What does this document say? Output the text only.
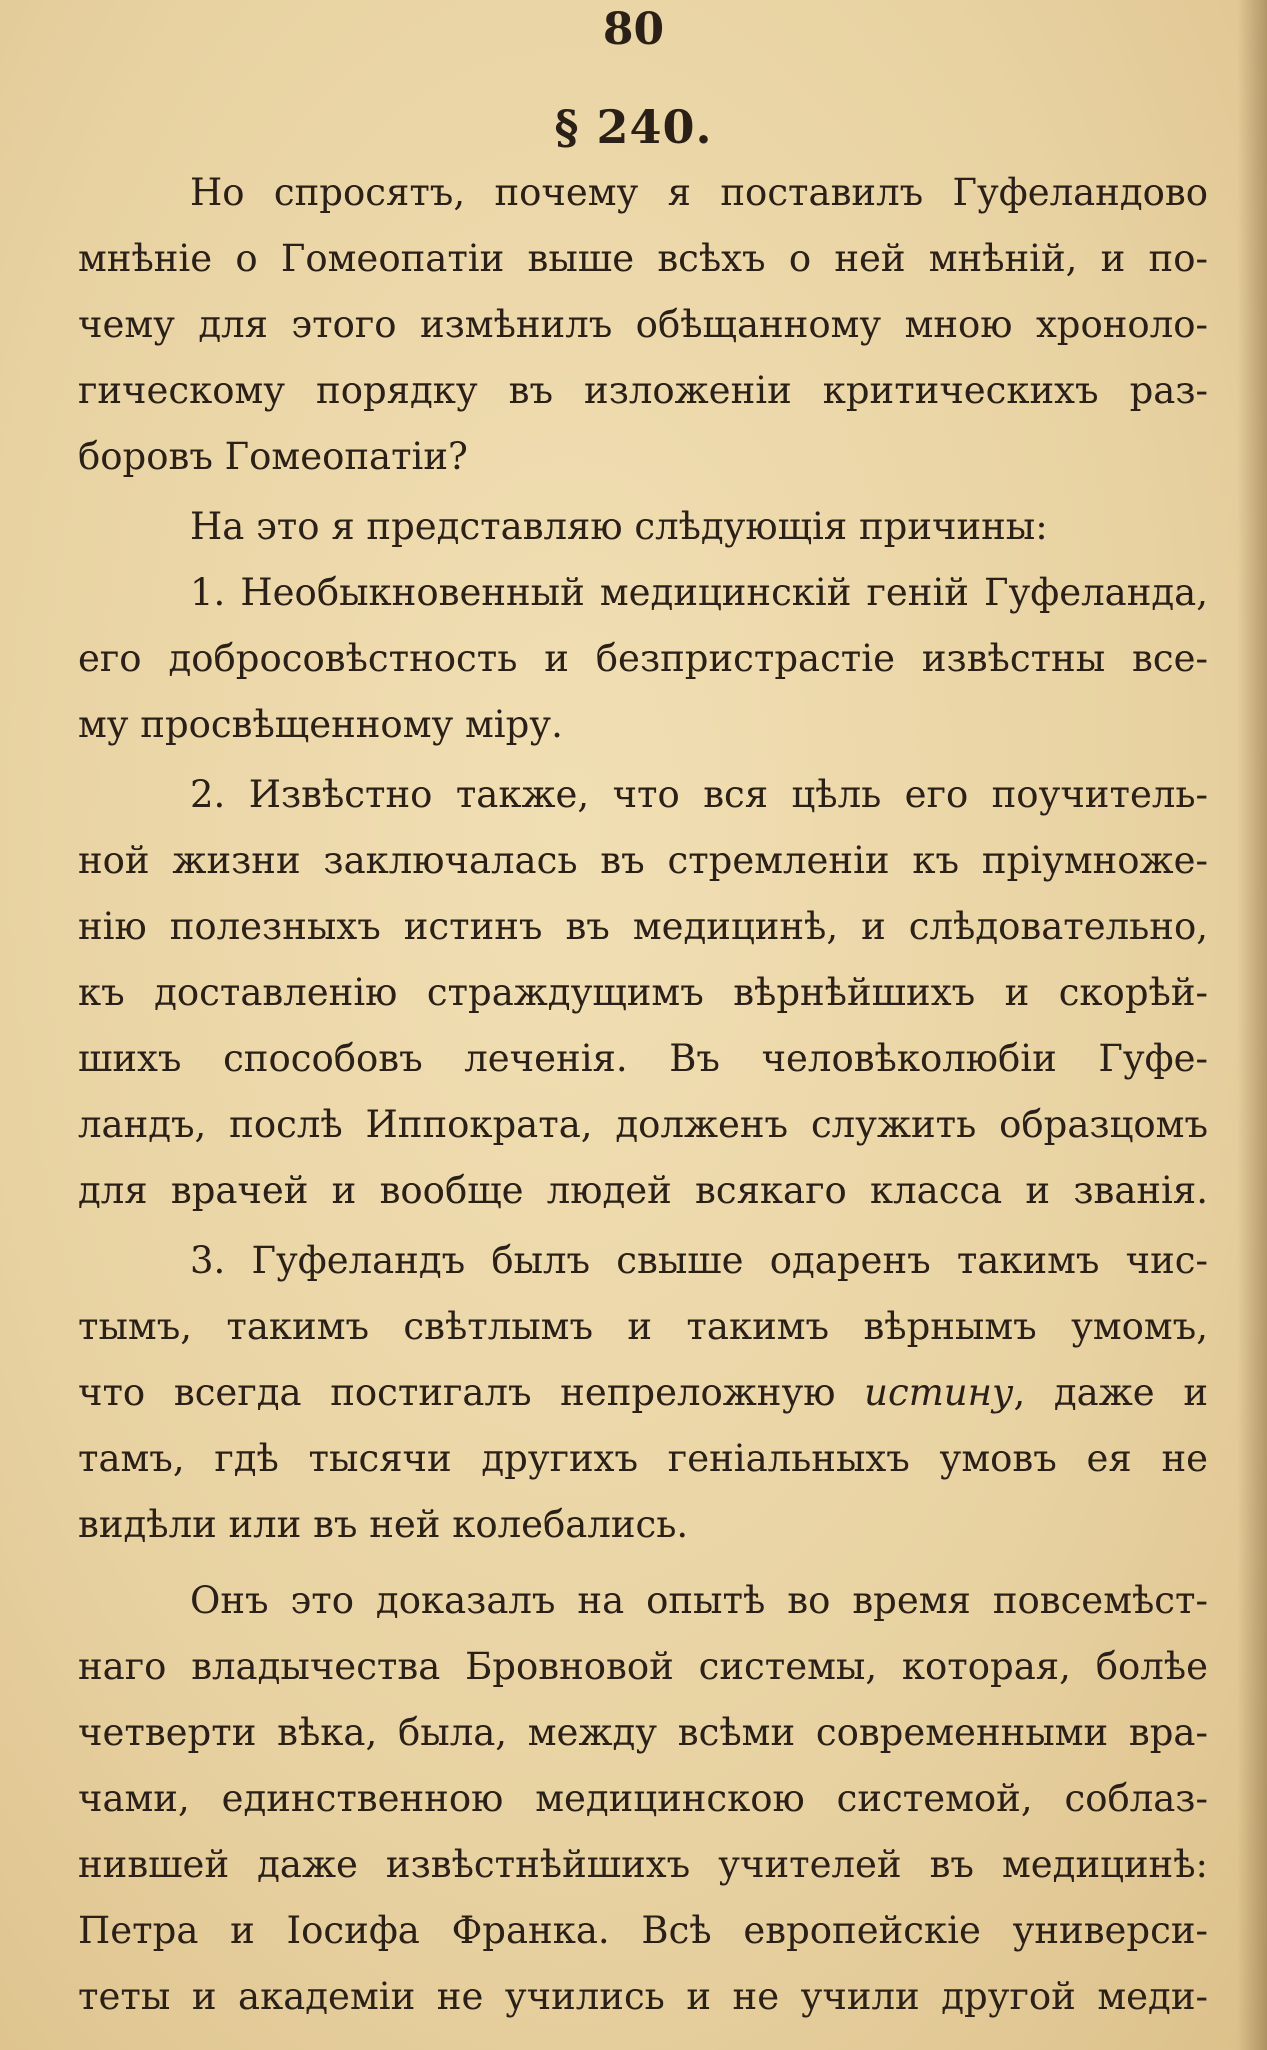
80
§ 240.
Но спросятъ, почему я поставилъ Гуфеландово
мнѣніе о Гомеопатіи выше всѣхъ о ней мнѣній, и по-
чему для этого измѣнилъ обѣщанному мною хроноло-
гическому порядку въ изложеніи критическихъ раз-
боровъ Гомеопатіи?
На это я представляю слѣдующія причины:
1. Необыкновенный медицинскій геній Гуфеланда,
его добросовѣстность и безпристрастіе извѣстны все-
му просвѣщенному міру.
2. Извѣстно также, что вся цѣль его поучитель-
ной жизни заключалась въ стремленіи къ пріумноже-
нію полезныхъ истинъ въ медицинѣ, и слѣдовательно,
къ доставленію страждущимъ вѣрнѣйшихъ и скорѣй-
шихъ способовъ леченія. Въ человѣколюбіи Гуфе-
ландъ, послѣ Иппократа, долженъ служить образцомъ
для врачей и вообще людей всякаго класса и званія.
3. Гуфеландъ былъ свыше одаренъ такимъ чис-
тымъ, такимъ свѣтлымъ и такимъ вѣрнымъ умомъ,
что всегда постигалъ непреложную истину, даже и
тамъ, гдѣ тысячи другихъ геніальныхъ умовъ ея не
видѣли или въ ней колебались.
Онъ это доказалъ на опытѣ во время повсемѣст-
наго владычества Бровновой системы, которая, болѣе
четверти вѣка, была, между всѣми современными вра-
чами, единственною медицинскою системой, соблаз-
нившей даже извѣстнѣйшихъ учителей въ медицинѣ:
Петра и Іосифа Франка. Всѣ европейскіе универси-
теты и академіи не учились и не учили другой меди-
